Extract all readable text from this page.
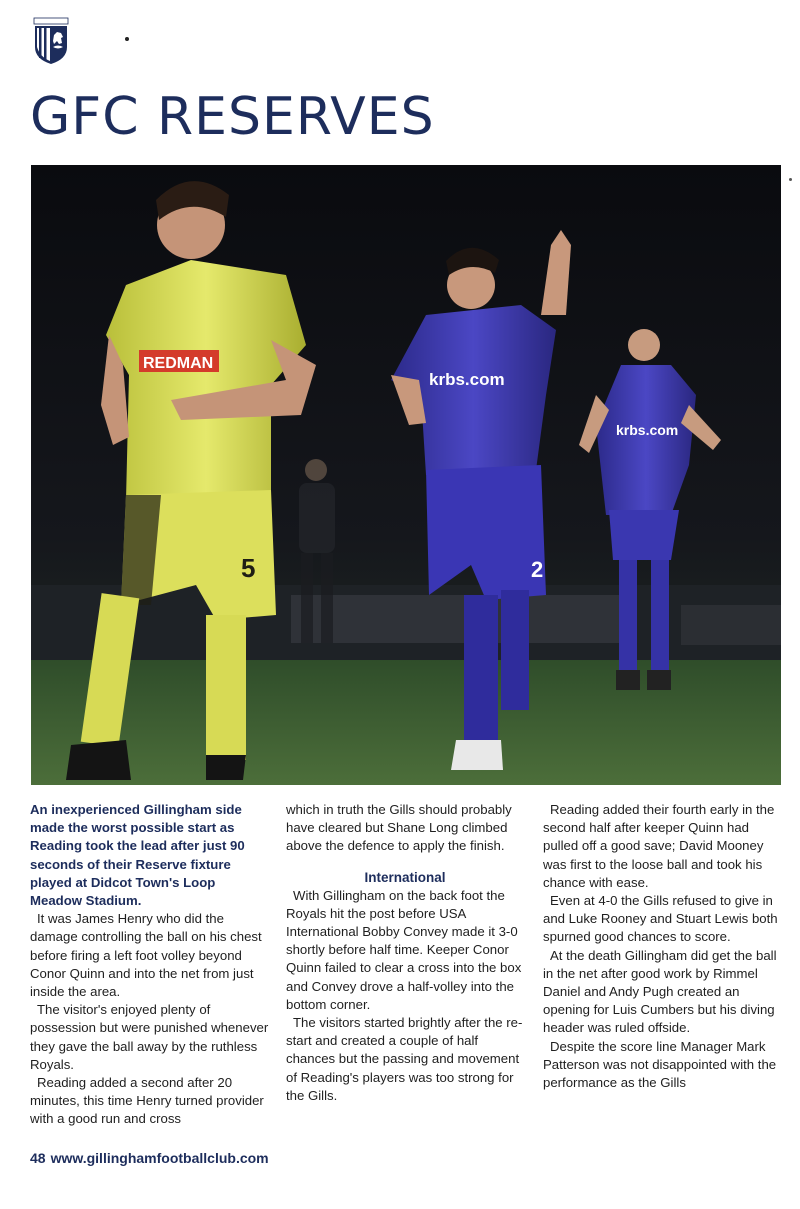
GFC RESERVES
krbs.com
krbs.com
2
REDMAN
5

An inexperienced Gillingham side made the worst possible start as Reading took the lead after just 90 seconds of their Reserve fixture played at Didcot Town's Loop Meadow Stadium.

It was James Henry who did the damage controlling the ball on his chest before firing a left foot volley beyond Conor Quinn and into the net from just inside the area.

The visitor's enjoyed plenty of possession but were punished whenever they gave the ball away by the ruthless Royals.

Reading added a second after 20 minutes, this time Henry turned provider with a good run and cross

which in truth the Gills should probably have cleared but Shane Long climbed above the defence to apply the finish.

International

With Gillingham on the back foot the Royals hit the post before USA International Bobby Convey made it 3-0 shortly before half time. Keeper Conor Quinn failed to clear a cross into the box and Convey drove a half-volley into the bottom corner.

The visitors started brightly after the re-start and created a couple of half chances but the passing and movement of Reading's players was too strong for the Gills.

Reading added their fourth early in the second half after keeper Quinn had pulled off a good save; David Mooney was first to the loose ball and took his chance with ease.

Even at 4-0 the Gills refused to give in and Luke Rooney and Stuart Lewis both spurned good chances to score.

At the death Gillingham did get the ball in the net after good work by Rimmel Daniel and Andy Pugh created an opening for Luis Cumbers but his diving header was ruled offside.

Despite the score line Manager Mark Patterson was not disappointed with the performance as the Gills

48 www.gillinghamfootballclub.com
